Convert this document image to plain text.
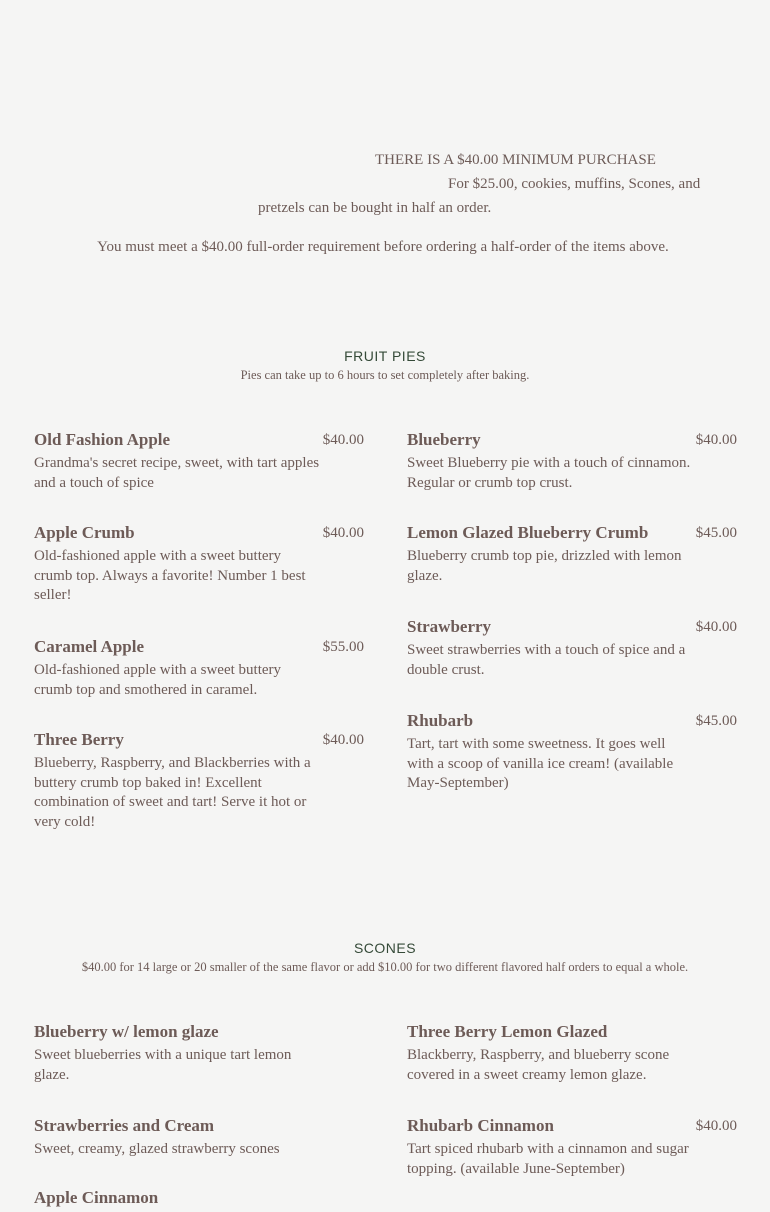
THERE IS A $40.00 MINIMUM PURCHASE
For $25.00, cookies, muffins, Scones, and
pretzels can be bought in half an order.
You must meet a $40.00 full-order requirement before ordering a half-order of the items above.
FRUIT PIES
Pies can take up to 6 hours to set completely after baking.
Old Fashion Apple	$40.00
Grandma's secret recipe, sweet, with tart apples and a touch of spice
Blueberry	$40.00
Sweet Blueberry pie with a touch of cinnamon. Regular or crumb top crust.
Apple Crumb	$40.00
Old-fashioned apple with a sweet buttery crumb top. Always a favorite! Number 1 best seller!
Lemon Glazed Blueberry Crumb	$45.00
Blueberry crumb top pie, drizzled with lemon glaze.
Caramel Apple	$55.00
Old-fashioned apple with a sweet buttery crumb top and smothered in caramel.
Strawberry	$40.00
Sweet strawberries with a touch of spice and a double crust.
Three Berry	$40.00
Blueberry, Raspberry, and Blackberries with a buttery crumb top baked in! Excellent combination of sweet and tart! Serve it hot or very cold!
Rhubarb	$45.00
Tart, tart with some sweetness. It goes well with a scoop of vanilla ice cream! (available May-September)
SCONES
$40.00 for 14 large or 20 smaller of the same flavor or add $10.00 for two different flavored half orders to equal a whole.
Blueberry w/ lemon glaze
Sweet blueberries with a unique tart lemon glaze.
Three Berry Lemon Glazed
Blackberry, Raspberry, and blueberry scone covered in a sweet creamy lemon glaze.
Strawberries and Cream
Sweet, creamy, glazed strawberry scones
Rhubarb Cinnamon	$40.00
Tart spiced rhubarb with a cinnamon and sugar topping. (available June-September)
Apple Cinnamon
